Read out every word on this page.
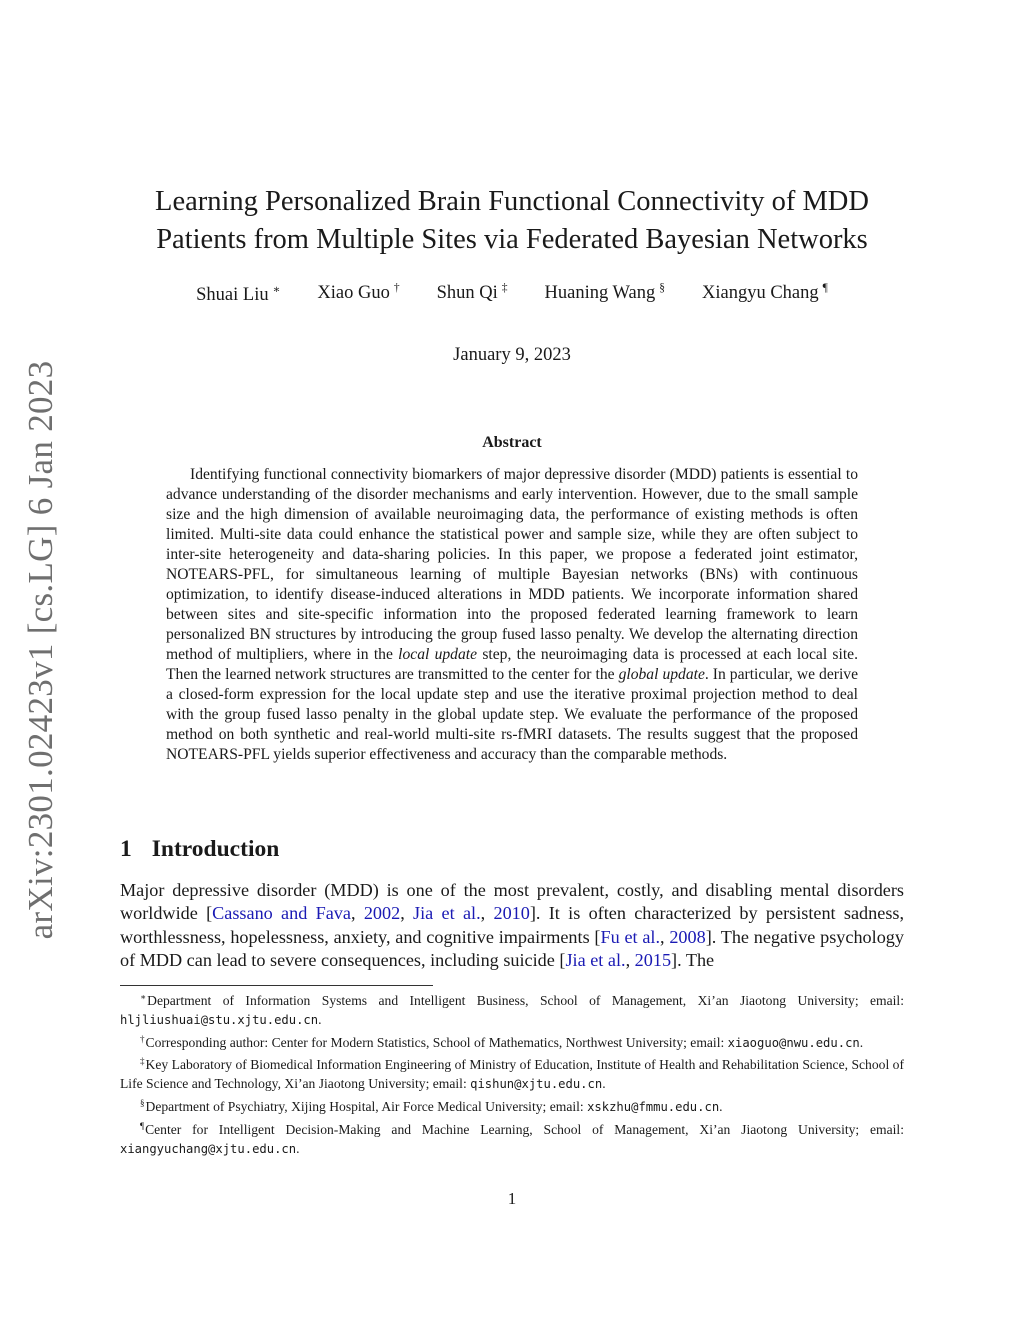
arXiv:2301.02423v1 [cs.LG] 6 Jan 2023
Learning Personalized Brain Functional Connectivity of MDD
Patients from Multiple Sites via Federated Bayesian Networks
Shuai Liu ∗ Xiao Guo † Shun Qi ‡ Huaning Wang § Xiangyu Chang ¶
January 9, 2023
Abstract

Identifying functional connectivity biomarkers of major depressive disorder (MDD) patients is essential to advance understanding of the disorder mechanisms and early intervention. However, due to the small sample size and the high dimension of available neuroimaging data, the performance of existing methods is often limited. Multi-site data could enhance the statistical power and sample size, while they are often subject to inter-site heterogeneity and data-sharing policies. In this paper, we propose a federated joint estimator, NOTEARS-PFL, for simultaneous learning of multiple Bayesian networks (BNs) with continuous optimization, to identify disease-induced alterations in MDD patients. We incorporate information shared between sites and site-specific information into the proposed federated learning framework to learn personalized BN structures by introducing the group fused lasso penalty. We develop the alternating direction method of multipliers, where in the local update step, the neuroimaging data is processed at each local site. Then the learned network structures are transmitted to the center for the global update. In particular, we derive a closed-form expression for the local update step and use the iterative proximal projection method to deal with the group fused lasso penalty in the global update step. We evaluate the performance of the proposed method on both synthetic and real-world multi-site rs-fMRI datasets. The results suggest that the proposed NOTEARS-PFL yields superior effectiveness and accuracy than the comparable methods.

1 Introduction

Major depressive disorder (MDD) is one of the most prevalent, costly, and disabling mental disorders worldwide [Cassano and Fava, 2002, Jia et al., 2010]. It is often characterized by persistent sadness, worthlessness, hopelessness, anxiety, and cognitive impairments [Fu et al., 2008]. The negative psychology of MDD can lead to severe consequences, including suicide [Jia et al., 2015]. The

∗Department of Information Systems and Intelligent Business, School of Management, Xi’an Jiaotong University; email: hljliushuai@stu.xjtu.edu.cn.

†Corresponding author: Center for Modern Statistics, School of Mathematics, Northwest University; email: xiaoguo@nwu.edu.cn.

‡Key Laboratory of Biomedical Information Engineering of Ministry of Education, Institute of Health and Rehabilitation Science, School of Life Science and Technology, Xi’an Jiaotong University; email: qishun@xjtu.edu.cn.

§Department of Psychiatry, Xijing Hospital, Air Force Medical University; email: xskzhu@fmmu.edu.cn.

¶Center for Intelligent Decision-Making and Machine Learning, School of Management, Xi’an Jiaotong University; email: xiangyuchang@xjtu.edu.cn.

1
